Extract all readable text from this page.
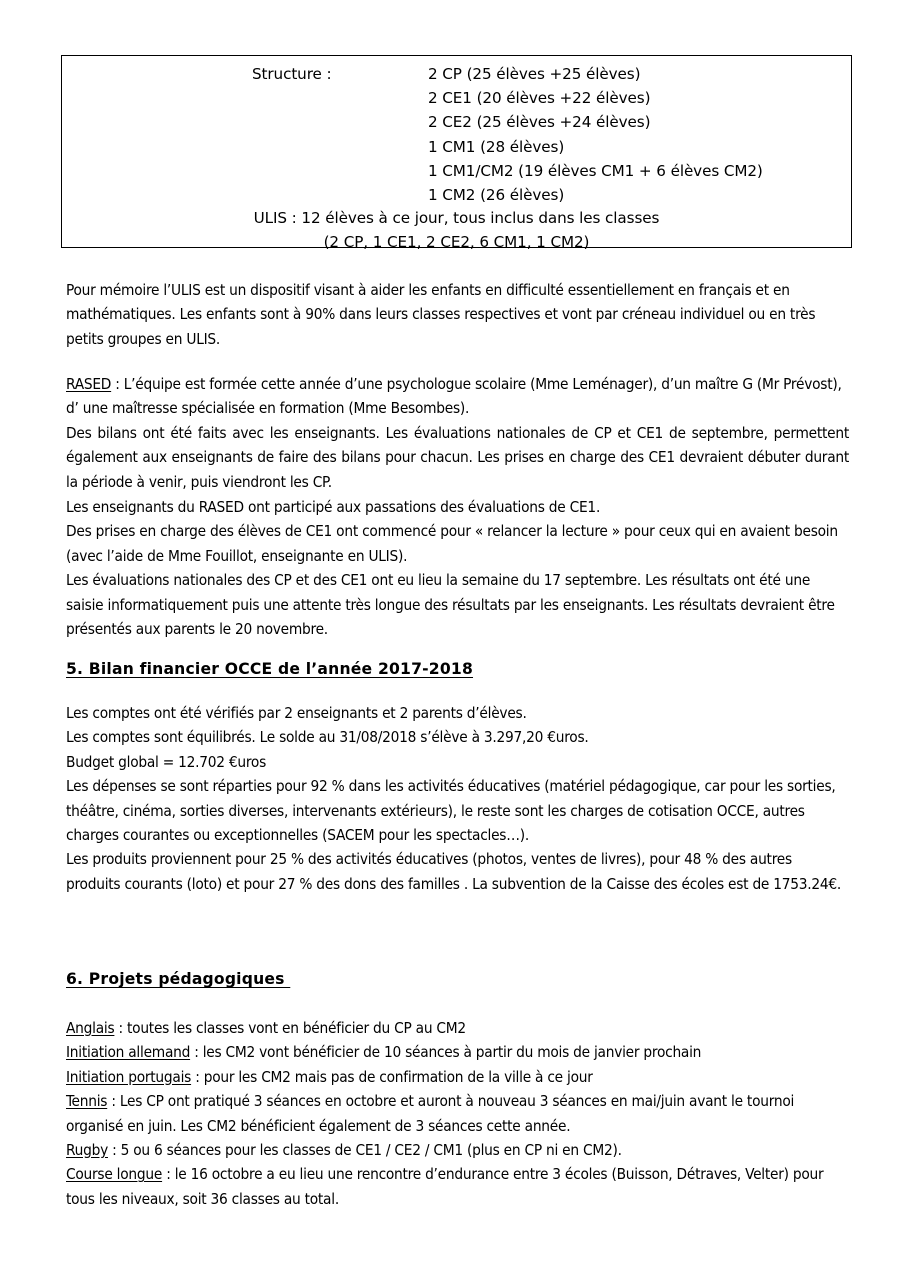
Structure :	2 CP (25 élèves +25 élèves)
2 CE1 (20 élèves +22 élèves)
2 CE2 (25 élèves +24 élèves)
1 CM1 (28 élèves)
1 CM1/CM2 (19 élèves CM1 + 6 élèves CM2)
1 CM2 (26 élèves)
ULIS : 12 élèves à ce jour, tous inclus dans les classes
(2 CP, 1 CE1, 2 CE2, 6 CM1, 1 CM2)

Pour mémoire l’ULIS est un dispositif visant à aider les enfants en difficulté essentiellement en français et en mathématiques. Les enfants sont à 90% dans leurs classes respectives et vont par créneau individuel ou en très petits groupes en ULIS.

RASED : L’équipe est formée cette année d’une psychologue scolaire (Mme Leménager), d’un maître G (Mr Prévost), d’ une maîtresse spécialisée en formation (Mme Besombes).

Des bilans ont été faits avec les enseignants. Les évaluations nationales de CP et CE1 de septembre, permettent également aux enseignants de faire des bilans pour chacun. Les prises en charge des CE1 devraient débuter durant la période à venir, puis viendront les CP.

Les enseignants du RASED ont participé aux passations des évaluations de CE1.

Des prises en charge des élèves de CE1 ont commencé pour « relancer la lecture » pour ceux qui en avaient besoin (avec l’aide de Mme Fouillot, enseignante en ULIS).

Les évaluations nationales des CP et des CE1 ont eu lieu la semaine du 17 septembre. Les résultats ont été une saisie informatiquement puis une attente très longue des résultats par les enseignants. Les résultats devraient être présentés aux parents le 20 novembre.

5. Bilan financier OCCE de l’année 2017-2018

Les comptes ont été vérifiés par 2 enseignants et 2 parents d’élèves.

Les comptes sont équilibrés. Le solde au 31/08/2018 s’élève à 3.297,20 €uros.

Budget global = 12.702 €uros

Les dépenses se sont réparties pour 92 % dans les activités éducatives (matériel pédagogique, car pour les sorties, théâtre, cinéma, sorties diverses, intervenants extérieurs), le reste sont les charges de cotisation OCCE, autres charges courantes ou exceptionnelles (SACEM pour les spectacles…).

Les produits proviennent pour 25 % des activités éducatives (photos, ventes de livres), pour 48 % des autres produits courants (loto) et pour 27 % des dons des familles . La subvention de la Caisse des écoles est de 1753.24€.

6. Projets pédagogiques

Anglais : toutes les classes vont en bénéficier du CP au CM2

Initiation allemand : les CM2 vont bénéficier de 10 séances à partir du mois de janvier prochain

Initiation portugais : pour les CM2 mais pas de confirmation de la ville à ce jour

Tennis : Les CP ont pratiqué 3 séances en octobre et auront à nouveau 3 séances en mai/juin avant le tournoi organisé en juin. Les CM2 bénéficient également de 3 séances cette année.

Rugby : 5 ou 6 séances pour les classes de CE1 / CE2 / CM1 (plus en CP ni en CM2).

Course longue : le 16 octobre a eu lieu une rencontre d’endurance entre 3 écoles (Buisson, Détraves, Velter) pour tous les niveaux, soit 36 classes au total.
